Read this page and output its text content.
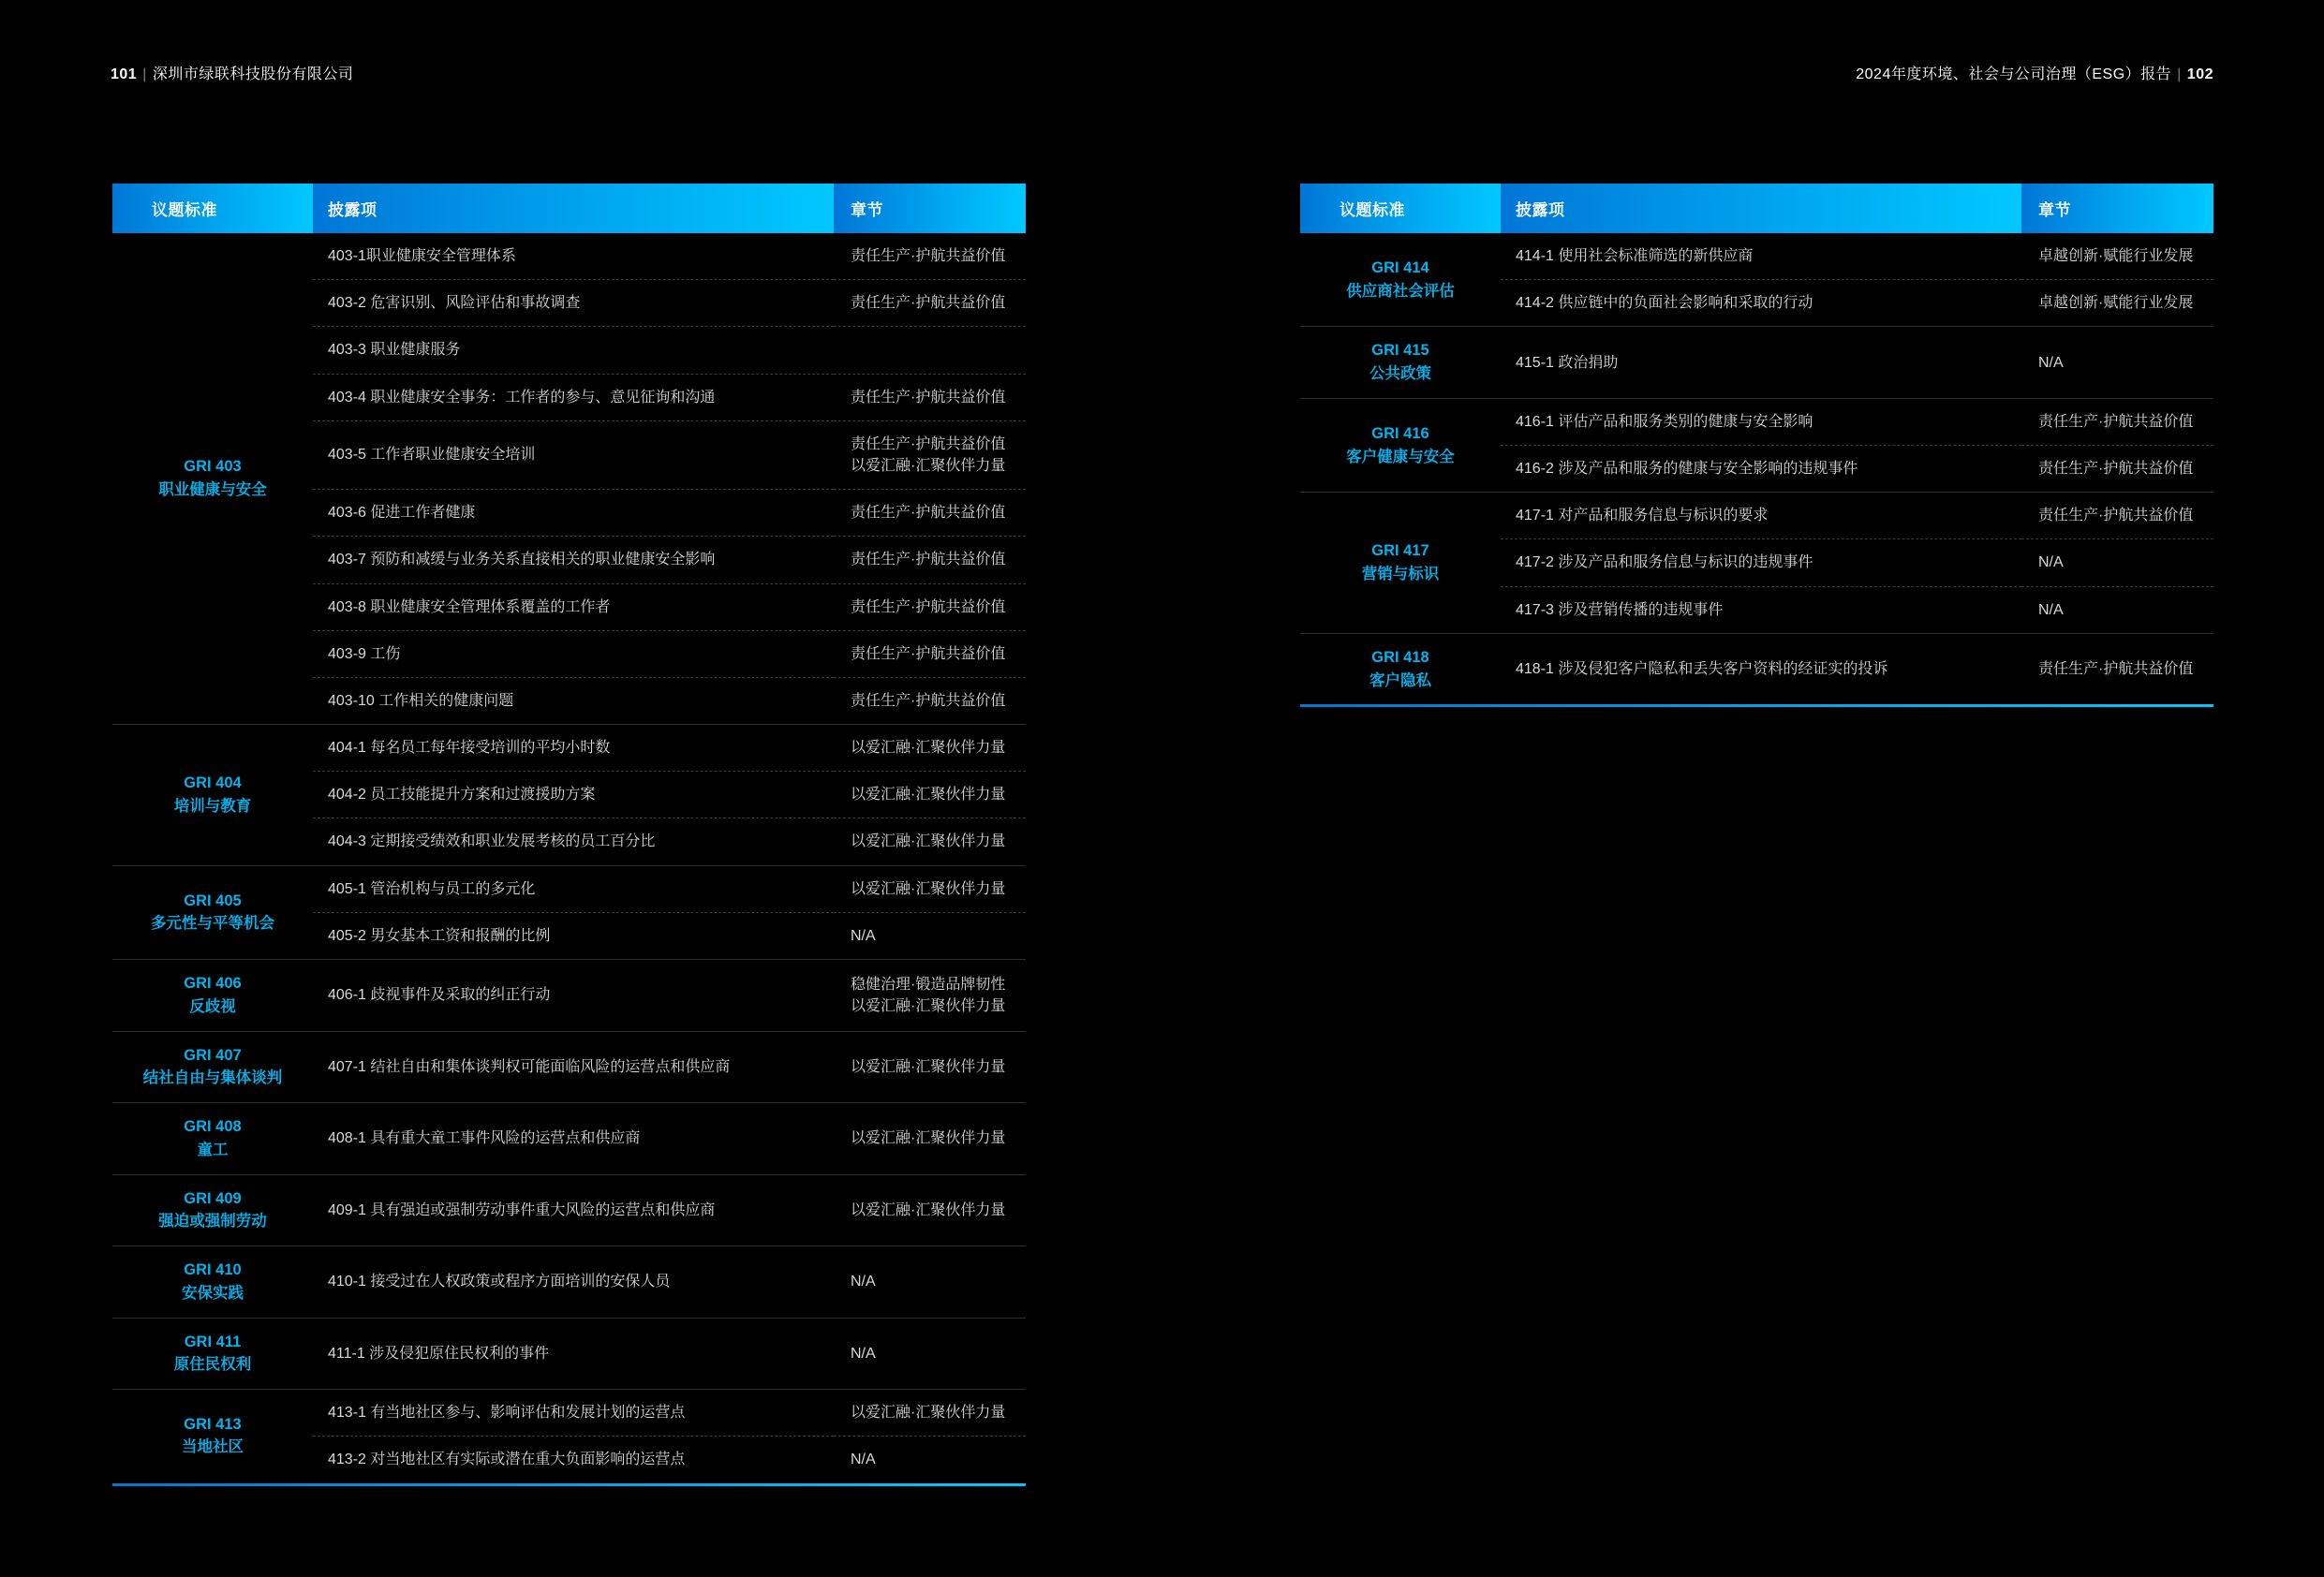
101 | 深圳市绿联科技股份有限公司	2024年度环境、社会与公司治理（ESG）报告 | 102
议题标准	披露项	章节

GRI 403
职业健康与安全	403-1职业健康安全管理体系	责任生产·护航共益价值

	403-2 危害识别、风险评估和事故调查	责任生产·护航共益价值

	403-3 职业健康服务	

	403-4 职业健康安全事务：工作者的参与、意见征询和沟通	责任生产·护航共益价值

	403-5 工作者职业健康安全培训	责任生产·护航共益价值
以爱汇融·汇聚伙伴力量

	403-6 促进工作者健康	责任生产·护航共益价值

	403-7 预防和减缓与业务关系直接相关的职业健康安全影响	责任生产·护航共益价值

	403-8 职业健康安全管理体系覆盖的工作者	责任生产·护航共益价值

	403-9 工伤	责任生产·护航共益价值

	403-10 工作相关的健康问题	责任生产·护航共益价值

GRI 404
培训与教育	404-1 每名员工每年接受培训的平均小时数	以爱汇融·汇聚伙伴力量

	404-2 员工技能提升方案和过渡援助方案	以爱汇融·汇聚伙伴力量

	404-3 定期接受绩效和职业发展考核的员工百分比	以爱汇融·汇聚伙伴力量

GRI 405
多元性与平等机会	405-1 管治机构与员工的多元化	以爱汇融·汇聚伙伴力量

	405-2 男女基本工资和报酬的比例	N/A

GRI 406
反歧视	406-1 歧视事件及采取的纠正行动	稳健治理·锻造品牌韧性
以爱汇融·汇聚伙伴力量

GRI 407
结社自由与集体谈判	407-1 结社自由和集体谈判权可能面临风险的运营点和供应商	以爱汇融·汇聚伙伴力量

GRI 408
童工	408-1 具有重大童工事件风险的运营点和供应商	以爱汇融·汇聚伙伴力量

GRI 409
强迫或强制劳动	409-1 具有强迫或强制劳动事件重大风险的运营点和供应商	以爱汇融·汇聚伙伴力量

GRI 410
安保实践	410-1 接受过在人权政策或程序方面培训的安保人员	N/A

GRI 411
原住民权利	411-1 涉及侵犯原住民权利的事件	N/A

GRI 413
当地社区	413-1 有当地社区参与、影响评估和发展计划的运营点	以爱汇融·汇聚伙伴力量

	413-2 对当地社区有实际或潜在重大负面影响的运营点	N/A
议题标准	披露项	章节

GRI 414
供应商社会评估	414-1 使用社会标准筛选的新供应商	卓越创新·赋能行业发展

	414-2 供应链中的负面社会影响和采取的行动	卓越创新·赋能行业发展

GRI 415
公共政策	415-1 政治捐助	N/A

GRI 416
客户健康与安全	416-1 评估产品和服务类别的健康与安全影响	责任生产·护航共益价值

	416-2 涉及产品和服务的健康与安全影响的违规事件	责任生产·护航共益价值

GRI 417
营销与标识	417-1 对产品和服务信息与标识的要求	责任生产·护航共益价值

	417-2 涉及产品和服务信息与标识的违规事件	N/A

	417-3 涉及营销传播的违规事件	N/A

GRI 418
客户隐私	418-1 涉及侵犯客户隐私和丢失客户资料的经证实的投诉	责任生产·护航共益价值
